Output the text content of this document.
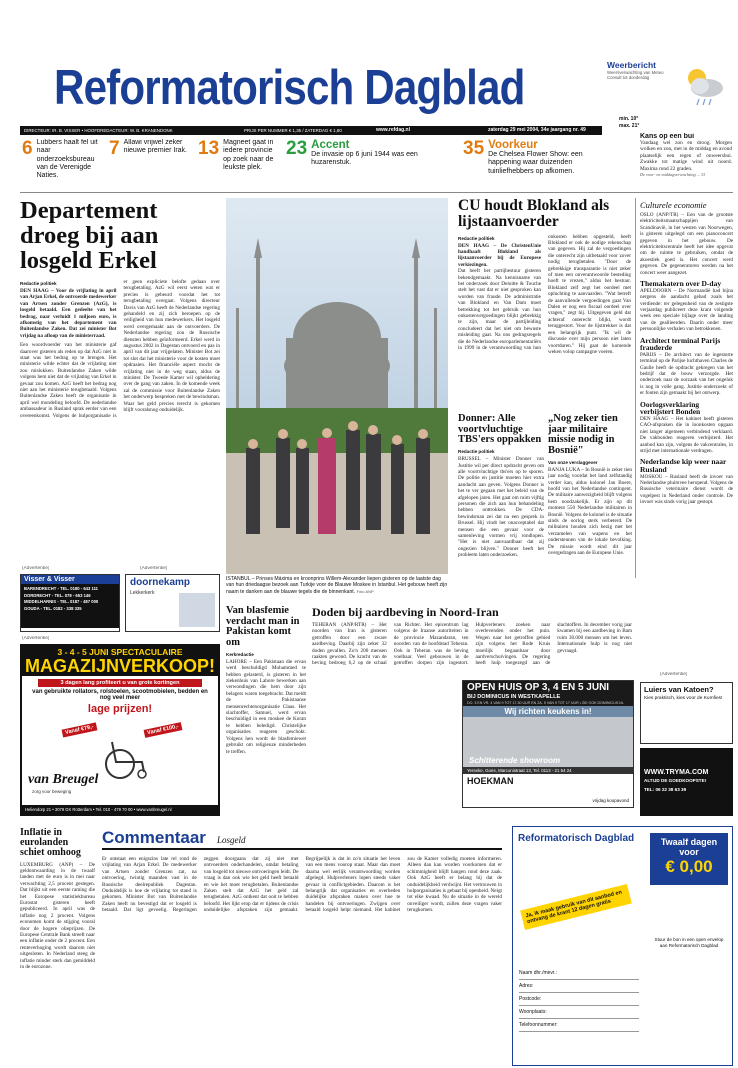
Reformatorisch Dagblad	Weerbericht
Weersverwachting van Meteo Consult tot donderdag
min. 10°
max. 21°
DIRECTEUR: IR. B. VISSER • HOOFDREDACTEUR: W. B. KRANENDONK	PRIJS PER NUMMER € 1,35 / ZATERDAG € 1,80	www.refdag.nl	zaterdag 29 mei 2004, 34e jaargang nr. 49
6 Lubbers haalt fel uit naar onderzoeksbureau van de Verenigde Naties.
7 Allawi vrijwel zeker nieuwe premier Irak. 13 Magneet gaat in iedere provincie op zoek naar de leukste plek.
23 Accent
De invasie op 6 juni 1944 was een huzarenstuk.
35 Voorkeur
De Chelsea Flower Show: een happening waar duizenden tuinliefhebbers op afkomen.
Kans op een bui
Vandaag wel zon en droog. Morgen wolken en zon, met in de middag en avond plaatselijk een regen of onweersbui. Zwakke tot matige wind uit noord. Maxima rond 22 graden.
De voor- en middagverwachting ... 33
Departement droeg bij aan losgeld Erkel
Redactie politiek
DEN HAAG – Voor de vrijlating in april van Arjan Erkel, de ontvoerde medewerker van Artsen zonder Grenzen (AzG), is losgeld betaald. Een gedeelte van het bedrag, naar verluidt 1 miljoen euro, is afkomstig van het departement van Buitenlandse Zaken. Dat zei minister Bot vrijdag na afloop van de ministerraad.
Een woordvoerder van het ministerie gaf daarover gisteren als reden op dat AzG niet in staat was het bedrag op te brengen. Het ministerie wilde echter dat de vrijlating niet zou mislukken. Buitenlandse Zaken wilde volgens hem niet dat de vrijlating van Erkel in gevaar zou komen. AzG heeft het bedrag nog niet aan het ministerie terugbetaald. Volgens Buitenlandse Zaken heeft de organisatie in april wel mondeling beloofd. De nederlandse ambassadeur in Rusland sprak eerder van een overeenkomst. Volgens de hulporganisatie is er geen expliciete belofte gedaan over terugbetaling. AzG wil eerst weten wat er precies is gebeurd voordat het tot terugbetaling overgaat. Volgens directeur Davis van AzG heeft de Nederlandse regering gehandeld en zij zich beroepen op de veiligheid van hun medewerkers. Het losgeld werd overgemaakt aan de ontvoerders. De Nederlandse regering zou de Russische diensten hebben geïnformeerd. Erkel werd in augustus 2002 in Dagestan ontvoerd en pas in april van dit jaar vrijgelaten. Minister Bot zei tot slot dat het ministerie voor de kosten moet opdraaien. Het financiële aspect mocht de vrijlating niet in de weg staan, aldus de minister. De Tweede Kamer wil opheldering over de gang van zaken. In de komende week zal de commissie voor Buitenlandse Zaken het onderwerp bespreken met de bewindsman. Waar het geld precies terecht is gekomen blijft vooralsnog onduidelijk.
ISTANBUL – Prinses Máxima en kroonprins Willem-Alexander liepen gisteren op de laatste dag van hun driedaagse bezoek aan Turkije voor de Blauwe Moskee in Istanbul. Het gebouw heeft zijn naam te danken aan de blauwe tegels die de binnenkant. Foto ANP
CU houdt Blokland als lijstaanvoerder
Redactie politiek
DEN HAAG – De ChristenUnie handhaaft Blokland als lijstaanvoerder bij de Europese verkiezingen.
Dat heeft het partijbestuur gisteren bekendgemaakt. Na kennisname van het onderzoek door Deloitte & Touche stelt het vast dat er niet gesproken kan worden van fraude. De administratie van Blokland en Van Dam moet betrekking tot het gebruik van hun onkostenvergoedingen blijkt gebrekkig te zijn, maar de partijleiding concludeert dat het niet om bewuste misleiding gaat. Na ons gedragsregels die de Nederlandse europarlementariërs in 1999 in de verantwoording van hun onkosten hebben opgesteld, heeft Blokland er ook de nodige rekenschap van gegeven. Hij zal de vergoedingen die onterecht zijn uitbetaald voor zover nodig terugbetalen. "Door de gebrekkige transparantie is niet zeker of men een onverantwoorde besteding hoeft te vrezen," aldus het bestuur. Blokland zelf zegt het oordeel met opluchting te aanvaarden. "Wat betreft de aanvullende vergoedingen gaat Van Dalen er nog een fiscaal oordeel over vragen," zegt hij. Uitgegeven geld dat achteraf onterecht blijkt, wordt teruggestort. Voor de lijsttrekker is dat een belangrijk punt. "Ik wil de discussie over mijn persoon niet laten voortduren." Hij gaat de komende weken volop campagne voeren.
Culturele economie
OSLO (ANP/TR) – Een van de grootste elektriciteitsmaatschappijen van Scandinavië, in het westen van Noorwegen, is gisteren uitgelegd om een pianoconcert gegeven in het gebouw. De elektriciteitscentrale heeft het idee opgevat om de ruimte te gebruiken, omdat de akoestiek goed is. Het concert werd gegeven. De gegeneratoren werden na het concert weer aangezet.
Themakatern over D-day
APELDOORN – De Normandië had bijna nergens de aandacht gehad zoals het verdiende: ter gelegenheid van de zestigste verjaardag publiceert deze krant volgende week een speciale bijlage over de landing van de geallieerden. Daarin onder meer persoonlijke verhalen van betrokkenen.
Architect terminal Parijs frauderde
PARIJS – De architect van de ingestorte terminal op de Parijse luchthaven Charles de Gaulle heeft de opdracht gekregen van het bedrijf dat de bouw verzorgde. Het onderzoek naar de oorzaak van het ongeluk is nog in volle gang. Justitie onderzoekt of er fouten zijn gemaakt bij het ontwerp.
Oorlogsverklaring verbijstert Bonden
DEN HAAG – Het kabinet heeft gisteren CAO-afspraken die in loonkosten opgaan niet langer algemeen verbindend verklaard. De vakbonden reageren verbijsterd. Het aanbod kan zijn, volgens de vakcentrales, in strijd met internationale verdragen.
Nederlandse kip weer naar Rusland
MOSKOU – Rusland heeft de invoer van Nederlandse pluimvee heropend. Volgens de Russische veterinaire dienst wordt de vogelpest in Nederland onder controle. De invoer was sinds vorig jaar gestopt.
Donner: Alle voortvluchtige TBS'ers oppakken
Redactie politiek
BRUSSEL – Minister Donner van Justitie wil per direct opdracht geven om alle voortvluchtige tbs'ers op te sporen. De politie en justitie moeten hier extra aandacht aan geven. Volgens Donner is het te ver gegaan met het beleid van de afgelopen jaren. Het gaat om ruim vijftig personen die zich aan hun behandeling hebben onttrokken. De CDA-bewindsman zei dat na een gesprek in Brussel. Hij vindt het onacceptabel dat mensen die een gevaar voor de samenleving vormen vrij rondlopen. "Het is niet aanvaardbaar dat zij ongezien blijven." Donner heeft het probleem laten onderzoeken.
„Nog zeker tien jaar militaire missie nodig in Bosnië"
Van onze verslaggever
BANJA LUKA – In Bosnië is zeker tien jaar nodig voordat het land zelfstandig verder kan, aldus kolonel Jan Boere, hoofd van het Nederlandse contingent. De militaire aanwezigheid blijft volgens hem noodzakelijk. Er zijn op dit moment 550 Nederlandse militairen in Bosnië. Volgens de kolonel is de situatie sinds de oorlog sterk verbeterd. De militairen houden zich bezig met het verzamelen van wapens en het ondersteunen van de lokale bevolking. De missie wordt eind dit jaar overgedragen aan de Europese Unie.
(Advertentie)	(Advertentie)
Visser & Visser
BARENDRECHT - TEL. 0180 - 643 111
DORDRECHT - TEL. 078 - 653 146
MIDDELHARNIS - TEL. 0187 - 487 000
GOUDA - TEL. 0182 - 338 335
doornekamp
Lekkerkerk
(Advertentie)
3 - 4 - 5 JUNI SPECTACULAIRE
MAGAZIJNVERKOOP!
3 dagen lang profiteert u van grote kortingen
van gebruikte rollators, rolstoelen, scootmobielen, bedden en nog veel meer
lage prijzen!
Vanaf €79,-	Vanaf €100,-
van Breugel
zorg voor beweging
Heliendorp 21 • 3079 DX Rotterdam • Tel. 010 - 479 70 00 • www.vanbreugel.nl
Inflatie in eurolanden schiet omhoog
LUXEMBURG (ANP) – De geldontwaarding in de twaalf landen met de euro is in mei naar verwachting 2,5 procent gestegen. Dat blijkt uit een eerste raming die het Europese statistiekbureau Eurostat gisteren heeft gepubliceerd. In april was de inflatie nog 2 procent. Volgens economen komt de stijging vooral door de hogere olieprijzen. De Europese Centrale Bank streeft naar een inflatie onder de 2 procent. Een renteverhoging wordt daarom niet uitgesloten. In Nederland steeg de inflatie minder sterk dan gemiddeld in de eurozone.
Van blasfemie verdacht man in Pakistan komt om
Kerkredactie
LAHORE – Een Pakistaan die ervan werd beschuldigd Mohammed te hebben gelasterd, is gisteren in het ziekenhuis van Lahore bewerken aan verwondingen die hem door zijn belagers waren toegebracht. Dat meldt de Pakistaanse mensenrechtenorganisatie Claas. Het slachtoffer, Samuel, werd ervan beschuldigd in een moskee de Koran te hebben beledigd. Christelijke organisaties reageren geschokt. Volgens hen wordt de blasfemiewet gebruikt om religieuze minderheden te treffen.
Doden bij aardbeving in Noord-Iran
TEHERAN (ANP/RTR) – Het noorden van Iran is gisteren getroffen door een zware aardbeving. Daarbij zijn zeker 32 doden gevallen. Zo'n 200 mensen raakten gewond. De kracht van de beving bedroeg 6,2 op de schaal van Richter. Het epicentrum lag volgens de Iraanse autoriteiten in de provincie Mazandaran, ten noorden van de hoofdstad Teheran. Ook in Teheran was de beving voelbaar. Veel gebouwen in de getroffen dorpen zijn ingestort. Hulpverleners zoeken naar overlevenden onder het puin. Wegen naar het getroffen gebied zijn volgens het Rode Kruis moeilijk begaanbaar door aardverschuivingen. De regering heeft hulp toegezegd aan de slachtoffers. In december vorig jaar kwamen bij een aardbeving in Bam ruim 30.000 mensen om het leven. Internationale hulp is nog niet gevraagd.
OPEN HUIS OP 3, 4 EN 5 JUNI
BIJ DOMINICUS IN WESTKAPELLE
DO. 3 EN VR. 4 VAN 9 TOT 17.30 UUR EN ZA. 5 VAN 9 TOT 17 UUR • ZIE OOK DOMINICUS.NL
Wij richten keukens in!
Schitterende showroom
Yerseke, Goes, Marconistraat 13, Tel. 0113 - 21 54 24
HOEKMAN
vrijdag koopavond
(Advertentie)
Luiers van Katoen?
Kies praktisch, kies voor de Kumfies!
WWW.TRYMA.COM
ALTIJD DE GOEDKOOPSTE!
TEL: 06 22 38 63 39
Commentaar Losgeld
Er ontstaat een enigszins late rel rond de vrijlating van Arjan Erkel. De medewerker van Artsen zonder Grenzen zat, na ontvoering, twintig maanden vast in de Russische deelrepubliek Dagestan. Onduidelijk is hoe de vrijlating tot stand is gekomen. Minister Bot van Buitenlandse Zaken heeft nu bevestigd dat er losgeld is betaald. Dat ligt gevoelig. Regeringen zeggen doorgaans dat zij niet met ontvoerders onderhandelen, omdat betaling van losgeld tot nieuwe ontvoeringen leidt. De vraag is dan ook wie het geld heeft betaald en wie het moet terugbetalen. Buitenlandse Zaken stelt dat AzG het geld zal terugbetalen. AzG ontkent dat ooit te hebben beloofd. Het lijkt erop dat er tijdens de crisis onduidelijke afspraken zijn gemaakt. Begrijpelijk is dat in zo'n situatie het leven van een mens voorop staat. Maar dan moet daarna wel eerlijk verantwoording worden afgelegd. Hulpverleners lopen steeds vaker gevaar in conflictgebieden. Daarom is het belangrijk dat organisaties en overheden duidelijke afspraken maken over hoe te handelen bij ontvoeringen. Zwijgen over betaald losgeld helpt niemand. Het kabinet zou de Kamer volledig moeten informeren. Alleen dan kan worden voorkomen dat er schimmigheid blijft hangen rond deze zaak. Ook AzG heeft er belang bij dat de onduidelijkheid verdwijnt. Het vertrouwen in hulporganisaties is gebaat bij openheid. Neigt tot elke kwaad. Nu de situatie in de wereld onveiliger wordt, zullen deze vragen vaker terugkomen.
Reformatorisch Dagblad	Twaalf dagen voor
€ 0,00
Ja, ik maak gebruik van dit aanbod en ontvang de krant 12 dagen gratis
Naam dhr./mevr.:
Adres:
Postcode:
Woonplaats:
Telefoonnummer:
Stuur de bon in een open envelop aan Reformatorisch Dagblad
